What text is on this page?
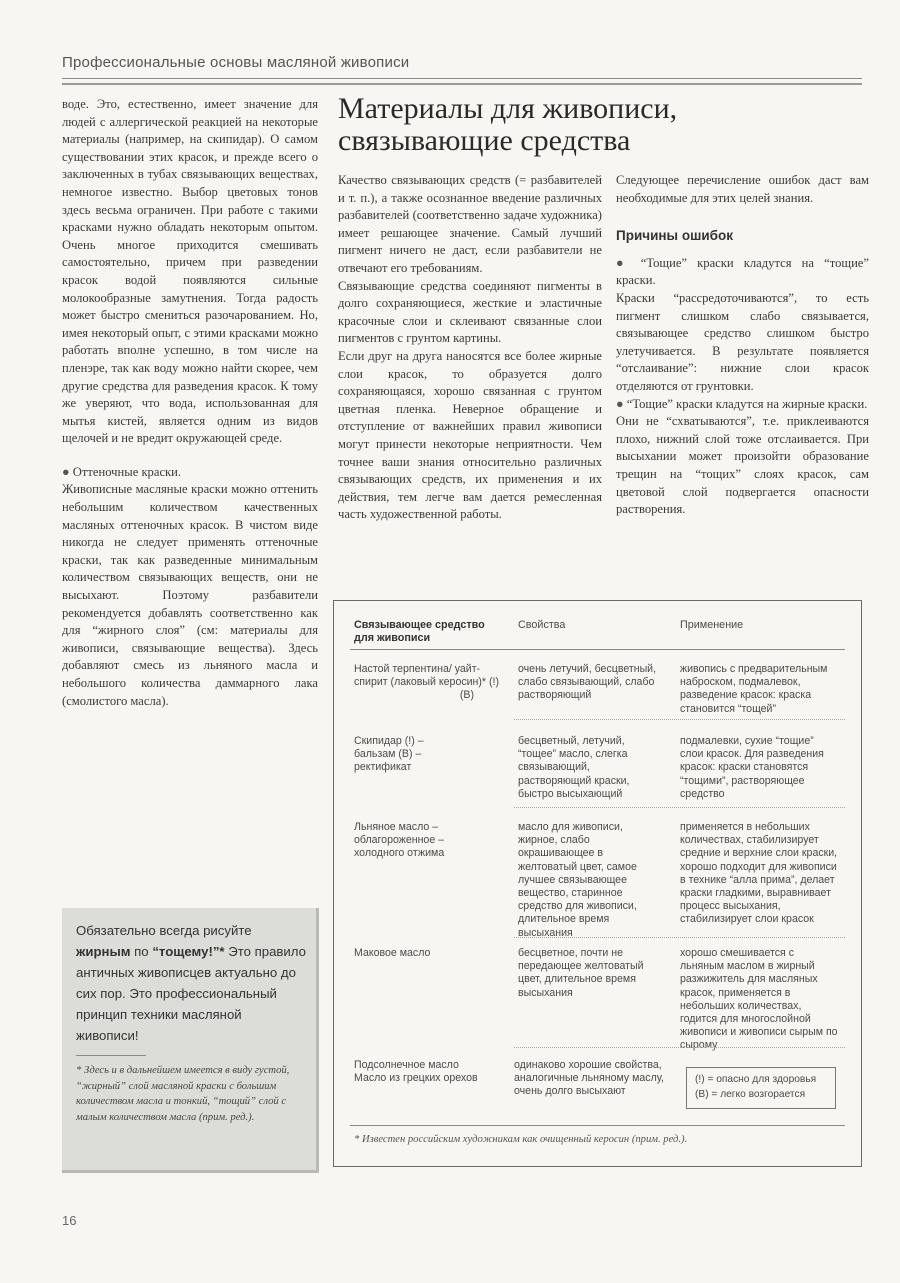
Профессиональные основы масляной живописи
Материалы для живописи, связывающие средства

воде. Это, естественно, имеет значение для людей с аллергической реакцией на некоторые материалы (например, на скипидар). О самом существовании этих красок, и прежде всего о заключенных в тубах связывающих веществах, немногое известно. Выбор цветовых тонов здесь весьма ограничен. При работе с такими красками нужно обладать некоторым опытом. Очень многое приходится смешивать самостоятельно, причем при разведении красок водой появляются сильные молокообразные замутнения. Тогда радость может быстро смениться разочарованием. Но, имея некоторый опыт, с этими красками можно работать вполне успешно, в том числе на пленэре, так как воду можно найти скорее, чем другие средства для разведения красок. К тому же уверяют, что вода, использованная для мытья кистей, является одним из видов щелочей и не вредит окружающей среде.

● Оттеночные краски.

Живописные масляные краски можно оттенить небольшим количеством качественных масляных оттеночных красок. В чистом виде никогда не следует применять оттеночные краски, так как разведенные минимальным количеством связывающих веществ, они не высыхают. Поэтому разбавители рекомендуется добавлять соответственно как для “жирного слоя” (см: материалы для живописи, связывающие вещества). Здесь добавляют смесь из льняного масла и небольшого количества даммарного лака (смолистого масла).

Качество связывающих средств (= разбавителей и т. п.), а также осознанное введение различных разбавителей (соответственно задаче художника) имеет решающее значение. Самый лучший пигмент ничего не даст, если разбавители не отвечают его требованиям.

Связывающие средства соединяют пигменты в долго сохраняющиеся, жесткие и эластичные красочные слои и склеивают связанные слои пигментов с грунтом картины.

Если друг на друга наносятся все более жирные слои красок, то образуется долго сохраняющаяся, хорошо связанная с грунтом цветная пленка. Неверное обращение и отступление от важнейших правил живописи могут принести некоторые неприятности. Чем точнее ваши знания относительно различных связывающих средств, их применения и их действия, тем легче вам дается ремесленная часть художественной работы.

Следующее перечисление ошибок даст вам необходимые для этих целей знания.

Причины ошибок

● “Тощие” краски кладутся на “тощие” краски.

Краски “рассредоточиваются”, то есть пигмент слишком слабо связывается, связывающее средство слишком быстро улетучивается. В результате появляется “отслаивание”: нижние слои красок отделяются от грунтовки.

● “Тощие” краски кладутся на жирные краски.

Они не “схватываются”, т.е. приклеиваются плохо, нижний слой тоже отслаивается. При высыхании может произойти образование трещин на “тощих” слоях красок, сам цветовой слой подвергается опасности растворения.

Обязательно всегда рисуйте жирным по “тощему!”* Это правило античных живописцев актуально до сих пор. Это профессиональный принцип техники масляной живописи!
* Здесь и в дальнейшем имеется в виду густой, “жирный” слой масляной краски с большим количеством масла и тонкий, “тощий” слой с малым количеством масла (прим. ред.).
Связывающее средство для живописи
Свойства	Применение
Настой терпентина/ уайт-спирит (лаковый керосин)* (!)

(В)
очень летучий, бесцветный, слабо связывающий, слабо растворяющий
живопись с предварительным наброском, подмалевок, разведение красок: краска становится “тощей”
Скипидар (!) – бальзам (В) – ректификат
бесцветный, летучий, “тощее” масло, слегка связывающий, растворяющий краски, быстро высыхающий
подмалевки, сухие “тощие” слои красок. Для разведения красок: краски становятся “тощими”, растворяющее средство
Льняное масло – облагороженное – холодного отжима
масло для живописи, жирное, слабо окрашивающее в желтоватый цвет, самое лучшее связывающее вещество, старинное средство для живописи, длительное время высыхания
применяется в небольших количествах, стабилизирует средние и верхние слои краски, хорошо подходит для живописи в технике “алла прима”, делает краски гладкими, выравнивает процесс высыхания, стабилизирует слои красок
Маковое масло	бесцветное, почти не передающее желтоватый цвет, длительное время высыхания
хорошо смешивается с льняным маслом в жирный разжижитель для масляных красок, применяется в небольших количествах, годится для многослойной живописи и живописи сырым по сырому
Подсолнечное масло Масло из грецких орехов
одинаково хорошие свойства, аналогичные льняному маслу, очень долго высыхают
(!) = опасно для здоровья
(В) = легко возгорается
* Известен российским художникам как очищенный керосин (прим. ред.).
16
